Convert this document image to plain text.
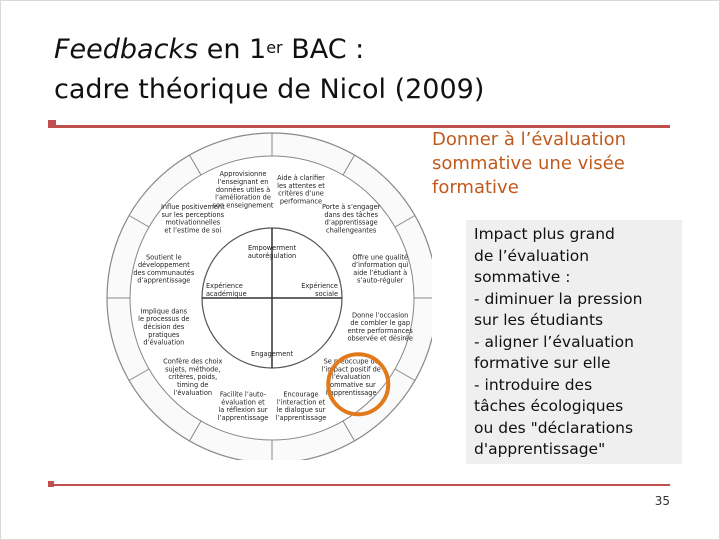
Feedbacks en 1er BAC :
cadre théorique de Nicol (2009)
Aide à clarifier les attentes et critères d’une performance
Porte à s’engager dans des tâches d’apprentissage challengeantes
Offre une qualité d’information qui aide l’étudiant à s’auto-réguler
Donne l’occasion de combler le gap entre performances observée et désirée
Se préoccupe de l’impact positif de l’évaluation sommative sur l’apprentissage
Encourage l’interaction et le dialogue sur l’apprentissage
Facilite l’auto-évaluation et la réflexion sur l’apprentissage
Confère des choix sujets, méthode, critères, poids, timing de l’évaluation
Implique dans le processus de décision des pratiques d’évaluation
Soutient le développement des communautés d’apprentissage
Influe positivement sur les perceptions motivationnelles et l’estime de soi
Approvisionne l’enseignant en données utiles à l’amélioration de son enseignement
Empowerment autorégulation
Engagement
Expérience académique
Expérience sociale
Donner à l’évaluation sommative une visée formative

Impact plus grand
de l’évaluation
sommative :
- diminuer la pression
sur les étudiants
- aligner l’évaluation
formative sur elle
- introduire des
tâches écologiques
ou des "déclarations
d'apprentissage"

35
